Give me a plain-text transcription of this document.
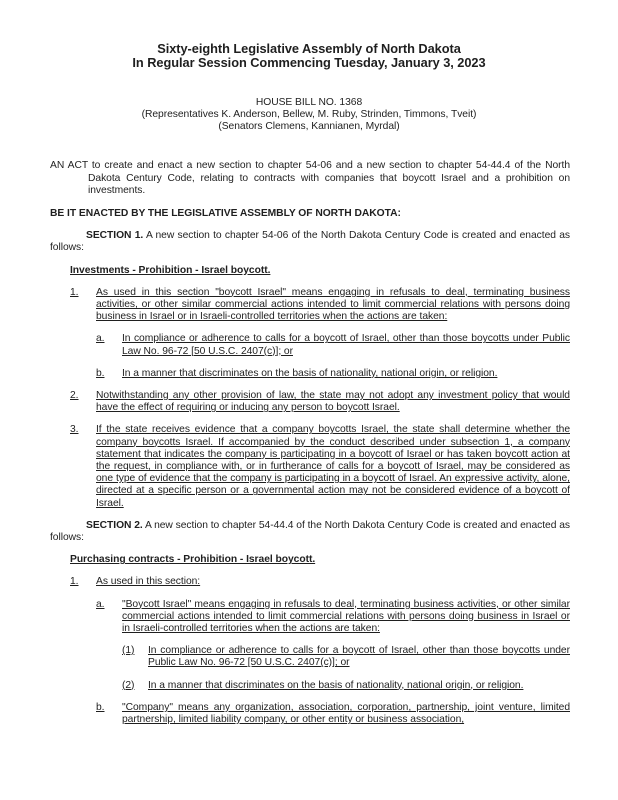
Sixty-eighth Legislative Assembly of North Dakota
In Regular Session Commencing Tuesday, January 3, 2023
HOUSE BILL NO. 1368
(Representatives K. Anderson, Bellew, M. Ruby, Strinden, Timmons, Tveit)
(Senators Clemens, Kannianen, Myrdal)

AN ACT to create and enact a new section to chapter 54-06 and a new section to chapter 54-44.4 of the North Dakota Century Code, relating to contracts with companies that boycott Israel and a prohibition on investments.

BE IT ENACTED BY THE LEGISLATIVE ASSEMBLY OF NORTH DAKOTA:

SECTION 1. A new section to chapter 54-06 of the North Dakota Century Code is created and enacted as follows:

Investments - Prohibition - Israel boycott.
1. As used in this section "boycott Israel" means engaging in refusals to deal, terminating business activities, or other similar commercial actions intended to limit commercial relations with persons doing business in Israel or in Israeli-controlled territories when the actions are taken:
a. In compliance or adherence to calls for a boycott of Israel, other than those boycotts under Public Law No. 96-72 [50 U.S.C. 2407(c)]; or
b. In a manner that discriminates on the basis of nationality, national origin, or religion.
2. Notwithstanding any other provision of law, the state may not adopt any investment policy that would have the effect of requiring or inducing any person to boycott Israel.
3. If the state receives evidence that a company boycotts Israel, the state shall determine whether the company boycotts Israel. If accompanied by the conduct described under subsection 1, a company statement that indicates the company is participating in a boycott of Israel or has taken boycott action at the request, in compliance with, or in furtherance of calls for a boycott of Israel, may be considered as one type of evidence that the company is participating in a boycott of Israel. An expressive activity, alone, directed at a specific person or a governmental action may not be considered evidence of a boycott of Israel.

SECTION 2. A new section to chapter 54-44.4 of the North Dakota Century Code is created and enacted as follows:

Purchasing contracts - Prohibition - Israel boycott.
1. As used in this section:
a. "Boycott Israel" means engaging in refusals to deal, terminating business activities, or other similar commercial actions intended to limit commercial relations with persons doing business in Israel or in Israeli-controlled territories when the actions are taken:
(1) In compliance or adherence to calls for a boycott of Israel, other than those boycotts under Public Law No. 96-72 [50 U.S.C. 2407(c)]; or
(2) In a manner that discriminates on the basis of nationality, national origin, or religion.
b. "Company" means any organization, association, corporation, partnership, joint venture, limited partnership, limited liability company, or other entity or business association,
